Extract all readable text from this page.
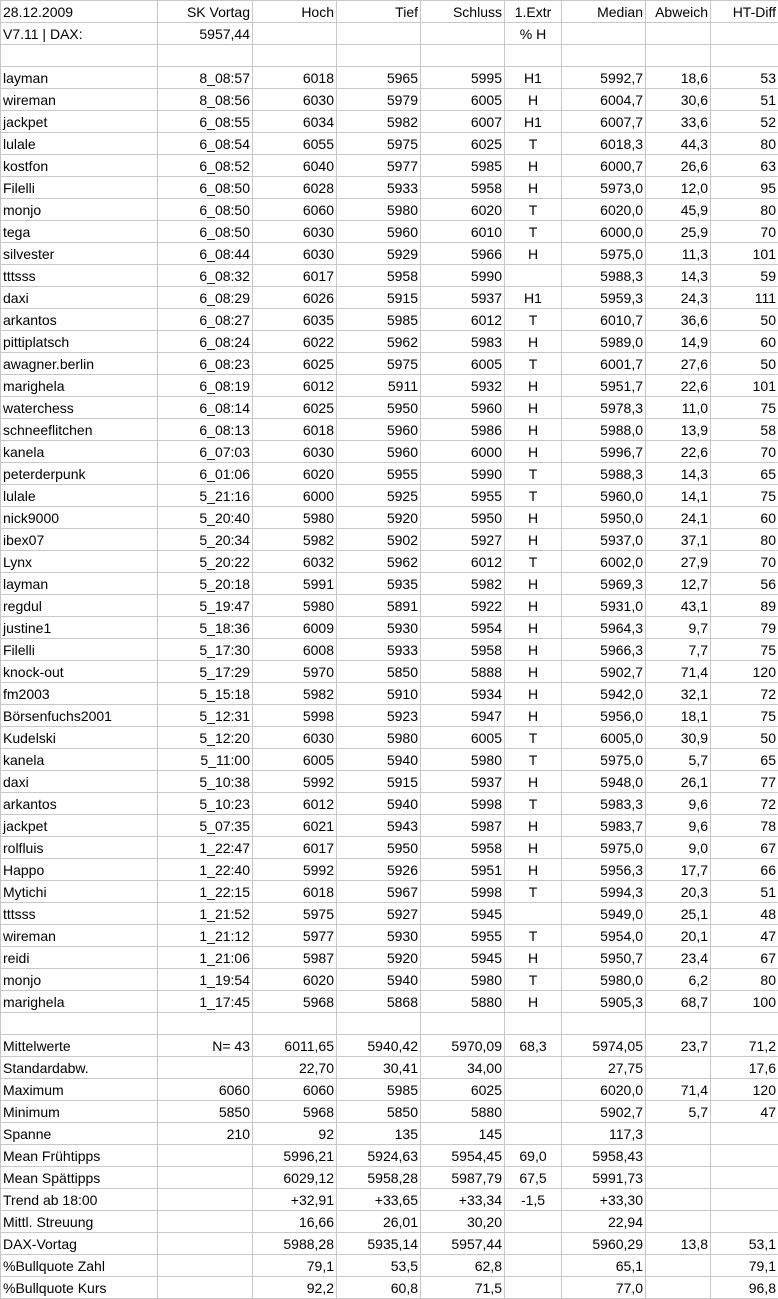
28.12.2009	SK Vortag	Hoch	Tief	Schluss	1.Extr	Median	Abweich	HT-Diff
V7.11 | DAX:	5957,44				% H			

layman	8_08:57	6018	5965	5995	H1	5992,7	18,6	53
wireman	8_08:56	6030	5979	6005	H	6004,7	30,6	51
jackpet	6_08:55	6034	5982	6007	H1	6007,7	33,6	52
lulale	6_08:54	6055	5975	6025	T	6018,3	44,3	80
kostfon	6_08:52	6040	5977	5985	H	6000,7	26,6	63
Filelli	6_08:50	6028	5933	5958	H	5973,0	12,0	95
monjo	6_08:50	6060	5980	6020	T	6020,0	45,9	80
tega	6_08:50	6030	5960	6010	T	6000,0	25,9	70
silvester	6_08:44	6030	5929	5966	H	5975,0	11,3	101
tttsss	6_08:32	6017	5958	5990		5988,3	14,3	59
daxi	6_08:29	6026	5915	5937	H1	5959,3	24,3	111
arkantos	6_08:27	6035	5985	6012	T	6010,7	36,6	50
pittiplatsch	6_08:24	6022	5962	5983	H	5989,0	14,9	60
awagner.berlin	6_08:23	6025	5975	6005	T	6001,7	27,6	50
marighela	6_08:19	6012	5911	5932	H	5951,7	22,6	101
waterchess	6_08:14	6025	5950	5960	H	5978,3	11,0	75
schneeflitchen	6_08:13	6018	5960	5986	H	5988,0	13,9	58
kanela	6_07:03	6030	5960	6000	H	5996,7	22,6	70
peterderpunk	6_01:06	6020	5955	5990	T	5988,3	14,3	65
lulale	5_21:16	6000	5925	5955	T	5960,0	14,1	75
nick9000	5_20:40	5980	5920	5950	H	5950,0	24,1	60
ibex07	5_20:34	5982	5902	5927	H	5937,0	37,1	80
Lynx	5_20:22	6032	5962	6012	T	6002,0	27,9	70
layman	5_20:18	5991	5935	5982	H	5969,3	12,7	56
regdul	5_19:47	5980	5891	5922	H	5931,0	43,1	89
justine1	5_18:36	6009	5930	5954	H	5964,3	9,7	79
Filelli	5_17:30	6008	5933	5958	H	5966,3	7,7	75
knock-out	5_17:29	5970	5850	5888	H	5902,7	71,4	120
fm2003	5_15:18	5982	5910	5934	H	5942,0	32,1	72
Börsenfuchs2001	5_12:31	5998	5923	5947	H	5956,0	18,1	75
Kudelski	5_12:20	6030	5980	6005	T	6005,0	30,9	50
kanela	5_11:00	6005	5940	5980	T	5975,0	5,7	65
daxi	5_10:38	5992	5915	5937	H	5948,0	26,1	77
arkantos	5_10:23	6012	5940	5998	T	5983,3	9,6	72
jackpet	5_07:35	6021	5943	5987	H	5983,7	9,6	78
rolfluis	1_22:47	6017	5950	5958	H	5975,0	9,0	67
Happo	1_22:40	5992	5926	5951	H	5956,3	17,7	66
Mytichi	1_22:15	6018	5967	5998	T	5994,3	20,3	51
tttsss	1_21:52	5975	5927	5945		5949,0	25,1	48
wireman	1_21:12	5977	5930	5955	T	5954,0	20,1	47
reidi	1_21:06	5987	5920	5945	H	5950,7	23,4	67
monjo	1_19:54	6020	5940	5980	T	5980,0	6,2	80
marighela	1_17:45	5968	5868	5880	H	5905,3	68,7	100

Mittelwerte	N= 43	6011,65	5940,42	5970,09	68,3	5974,05	23,7	71,2
Standardabw.		22,70	30,41	34,00		27,75		17,6
Maximum	6060	6060	5985	6025		6020,0	71,4	120
Minimum	5850	5968	5850	5880		5902,7	5,7	47
Spanne	210	92	135	145		117,3		
Mean Frühtipps		5996,21	5924,63	5954,45	69,0	5958,43		
Mean Spättipps		6029,12	5958,28	5987,79	67,5	5991,73		
Trend ab 18:00		+32,91	+33,65	+33,34	-1,5	+33,30		
Mittl. Streuung		16,66	26,01	30,20		22,94		
DAX-Vortag		5988,28	5935,14	5957,44		5960,29	13,8	53,1
%Bullquote Zahl		79,1	53,5	62,8		65,1		79,1
%Bullquote Kurs		92,2	60,8	71,5		77,0		96,8
